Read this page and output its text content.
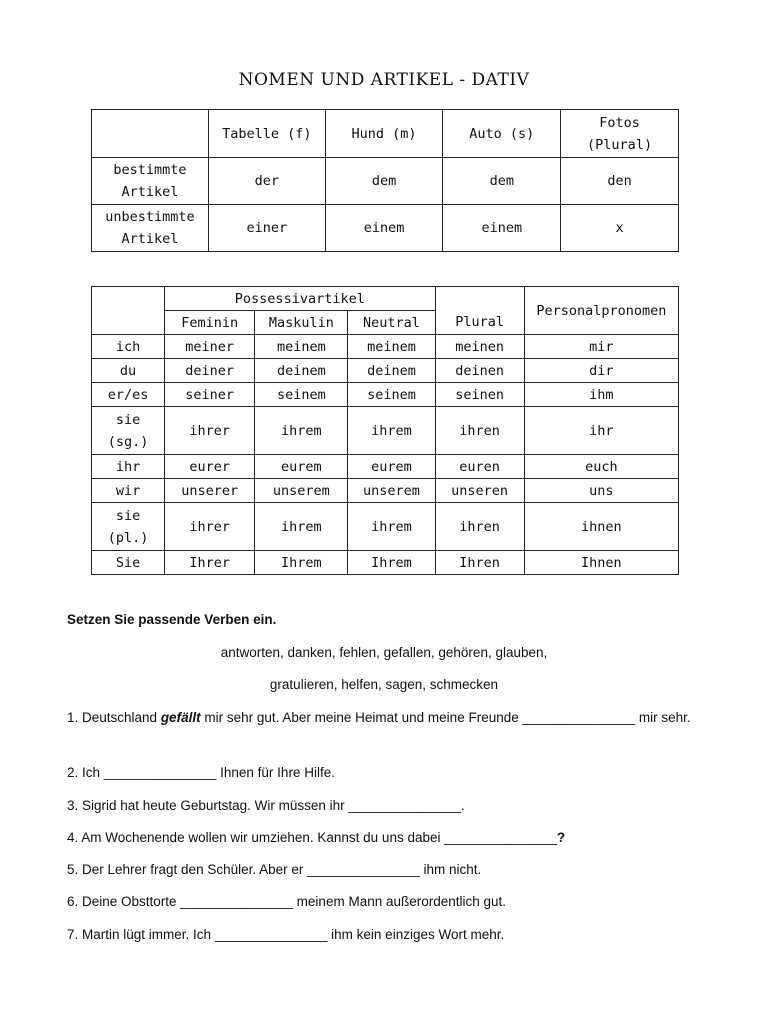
NOMEN UND ARTIKEL - DATIV
	Tabelle (f)	Hund (m)	Auto (s)	Fotos
(Plural)
bestimmte
Artikel	der	dem	dem	den
unbestimmte
Artikel	einer	einem	einem	x
	Possessivartikel				Personalpronomen
	Feminin	Maskulin	Neutral	Plural	
ich	meiner	meinem	meinem	meinen	mir
du	deiner	deinem	deinem	deinen	dir
er/es	seiner	seinem	seinem	seinen	ihm
sie
(sg.)	ihrer	ihrem	ihrem	ihren	ihr
ihr	eurer	eurem	eurem	euren	euch
wir	unserer	unserem	unserem	unseren	uns
sie
(pl.)	ihrer	ihrem	ihrem	ihren	ihnen
Sie	Ihrer	Ihrem	Ihrem	Ihren	Ihnen
Setzen Sie passende Verben ein.
antworten, danken, fehlen, gefallen, gehören, glauben,
gratulieren, helfen, sagen, schmecken
1. Deutschland gefällt mir sehr gut. Aber meine Heimat und meine Freunde _______________ mir sehr.
2. Ich _______________ Ihnen für Ihre Hilfe.
3. Sigrid hat heute Geburtstag. Wir müssen ihr _______________.
4. Am Wochenende wollen wir umziehen. Kannst du uns dabei _______________?
5. Der Lehrer fragt den Schüler. Aber er _______________ ihm nicht.
6. Deine Obsttorte _______________ meinem Mann außerordentlich gut.
7. Martin lügt immer. Ich _______________ ihm kein einziges Wort mehr.
